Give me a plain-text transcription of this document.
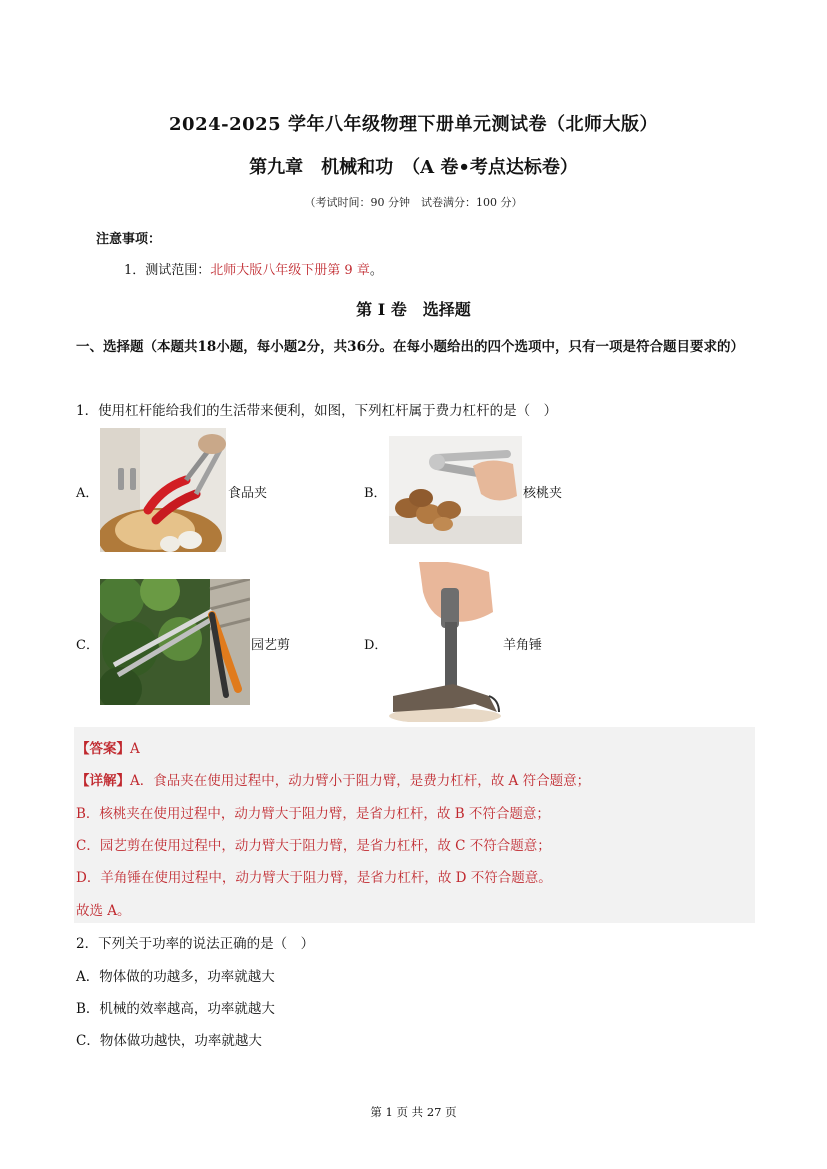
2024-2025 学年八年级物理下册单元测试卷（北师大版）
第九章　机械和功　（A 卷•考点达标卷）
（考试时间：90 分钟　试卷满分：100 分）
注意事项：
1．测试范围：北师大版八年级下册第 9 章。
第 I 卷　选择题
一、选择题（本题共18小题，每小题2分，共36分。在每小题给出的四个选项中，只有一项是符合题目要求的）
1．使用杠杆能给我们的生活带来便利，如图，下列杠杆属于费力杠杆的是（　）
A．	食品夹	B．	核桃夹
C．	园艺剪	D．	羊角锤
【答案】A
【详解】A．食品夹在使用过程中，动力臂小于阻力臂，是费力杠杆，故 A 符合题意；
B．核桃夹在使用过程中，动力臂大于阻力臂，是省力杠杆，故 B 不符合题意；
C．园艺剪在使用过程中，动力臂大于阻力臂，是省力杠杆，故 C 不符合题意；
D．羊角锤在使用过程中，动力臂大于阻力臂，是省力杠杆，故 D 不符合题意。
故选 A。
2．下列关于功率的说法正确的是（　）
A．物体做的功越多，功率就越大
B．机械的效率越高，功率就越大
C．物体做功越快，功率就越大
第 1 页 共 27 页
